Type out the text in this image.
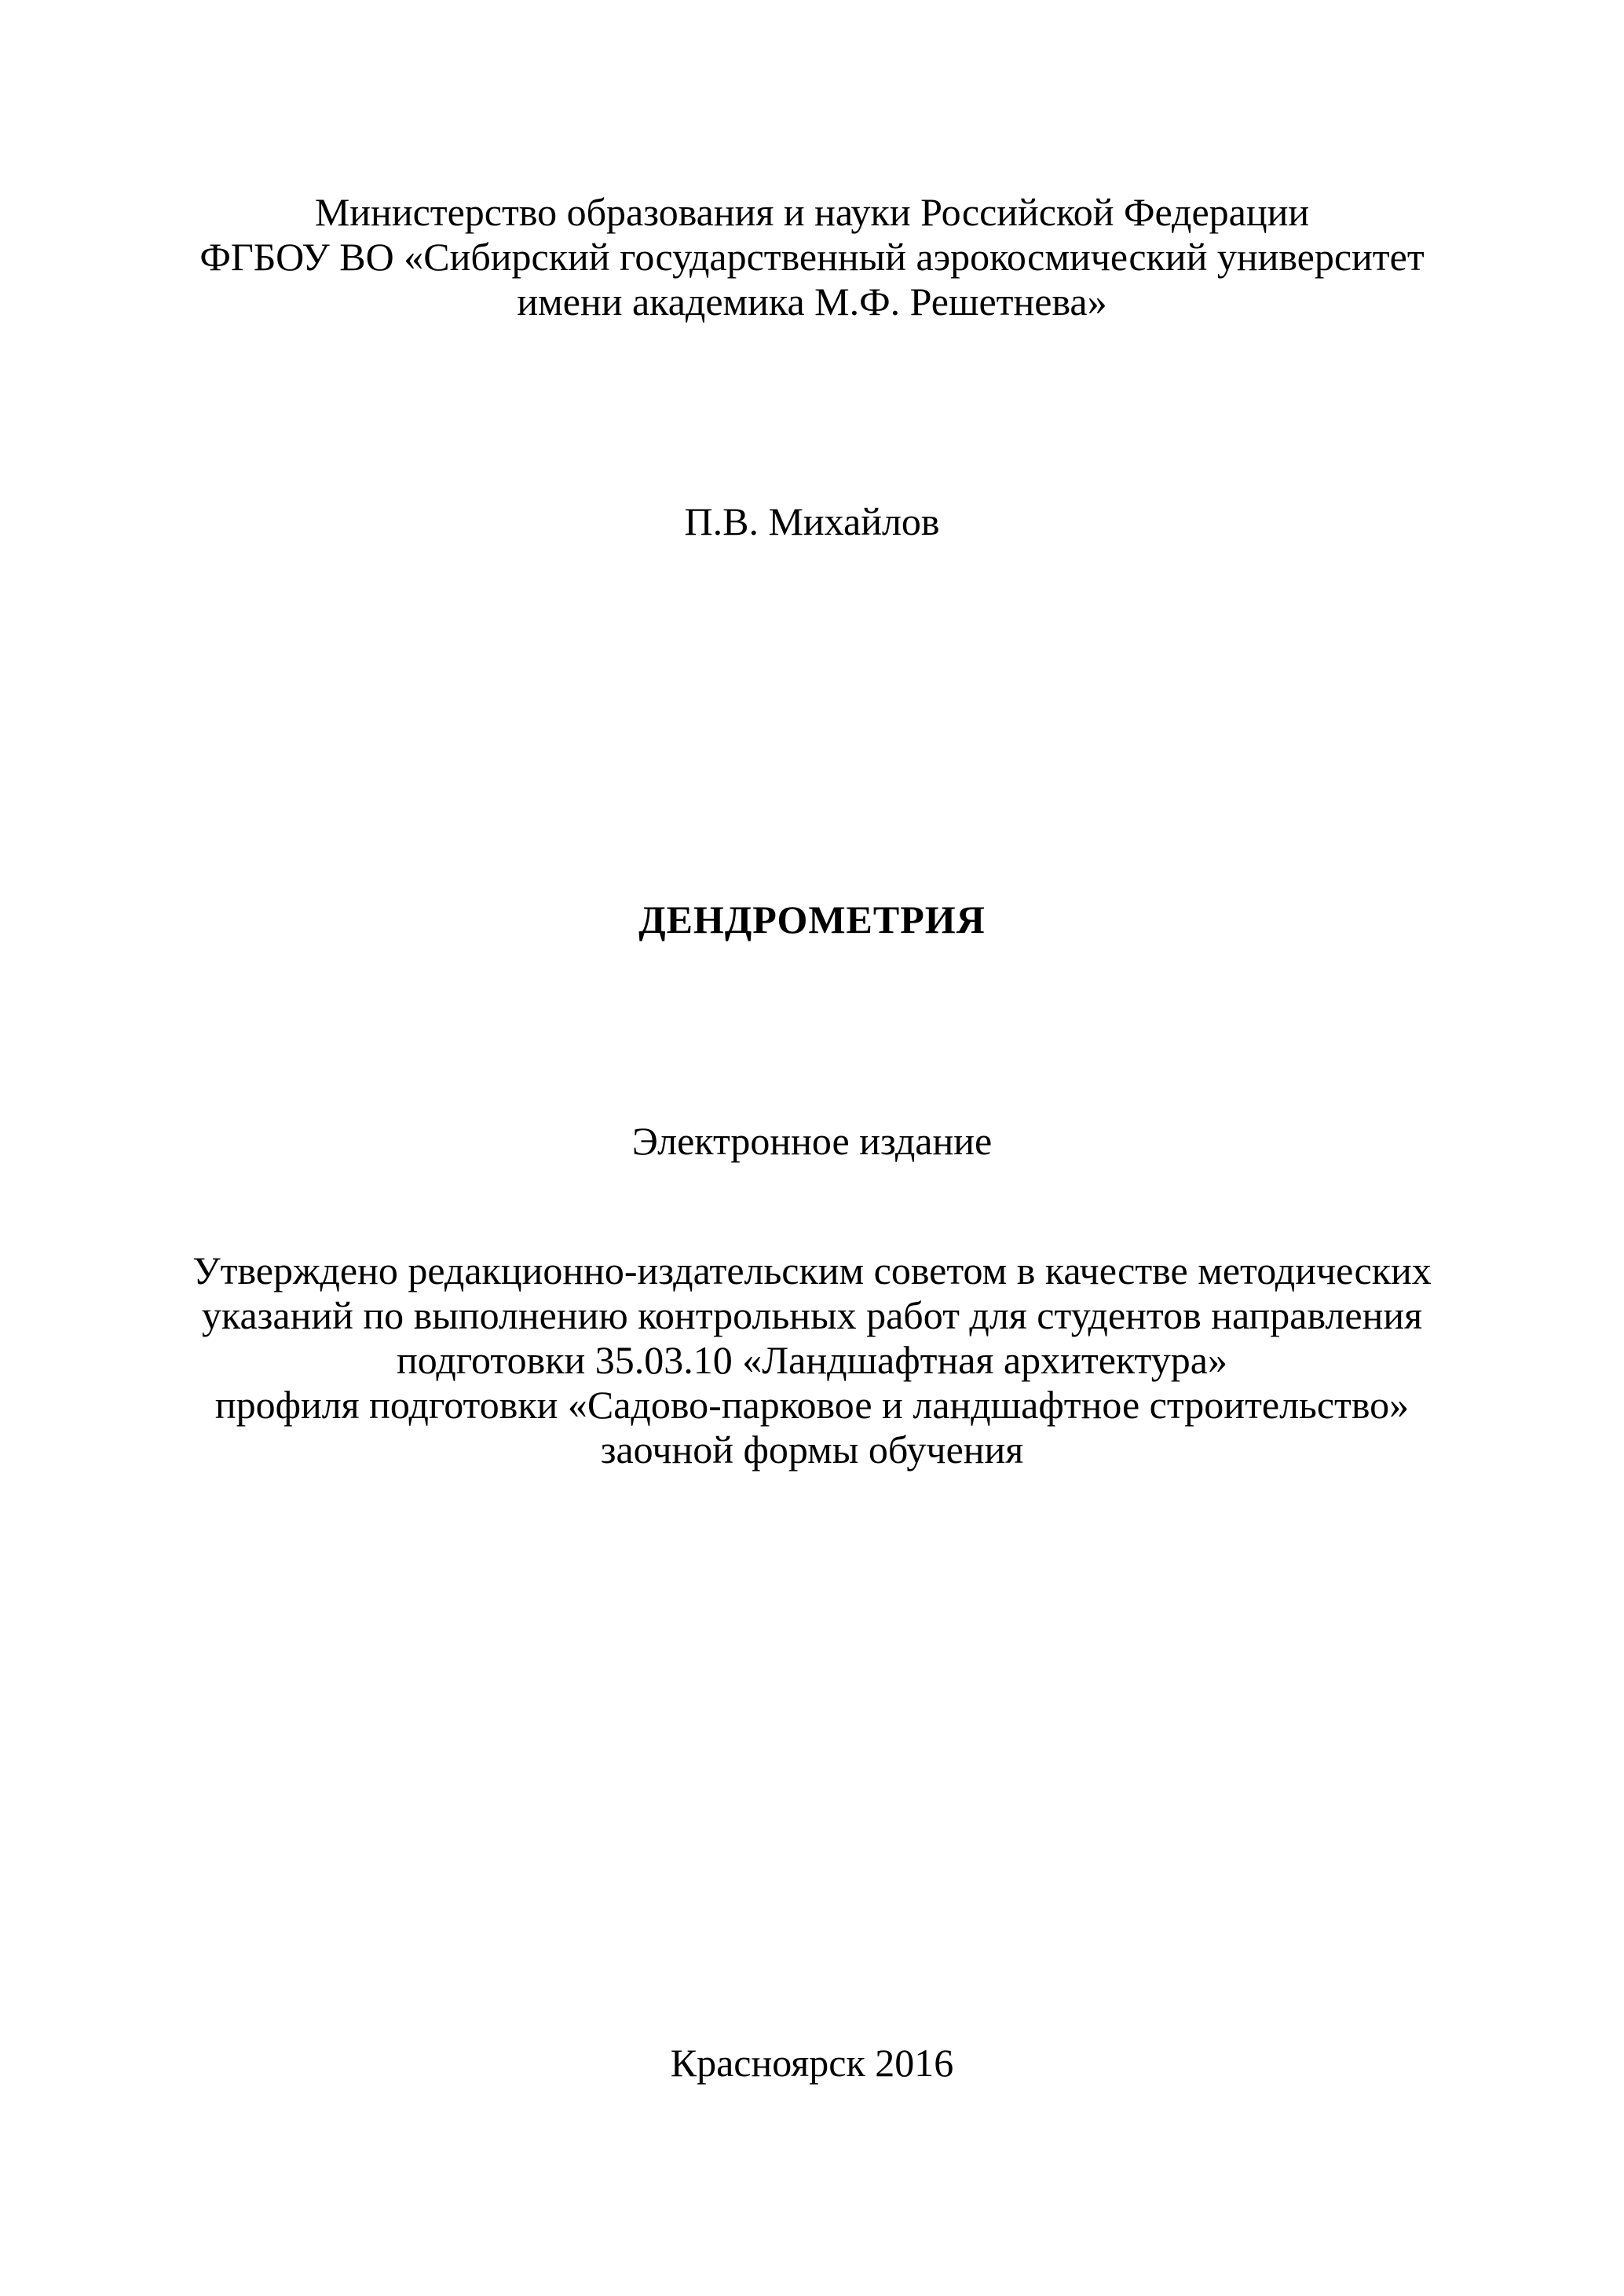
Министерство образования и науки Российской Федерации
ФГБОУ ВО «Сибирский государственный аэрокосмический университет
имени академика М.Ф. Решетнева»
П.В. Михайлов
ДЕНДРОМЕТРИЯ
Электронное издание
Утверждено редакционно-издательским советом в качестве методических
указаний по выполнению контрольных работ для студентов направления
подготовки 35.03.10 «Ландшафтная архитектура»
профиля подготовки «Садово-парковое и ландшафтное строительство»
заочной формы обучения
Красноярск 2016
